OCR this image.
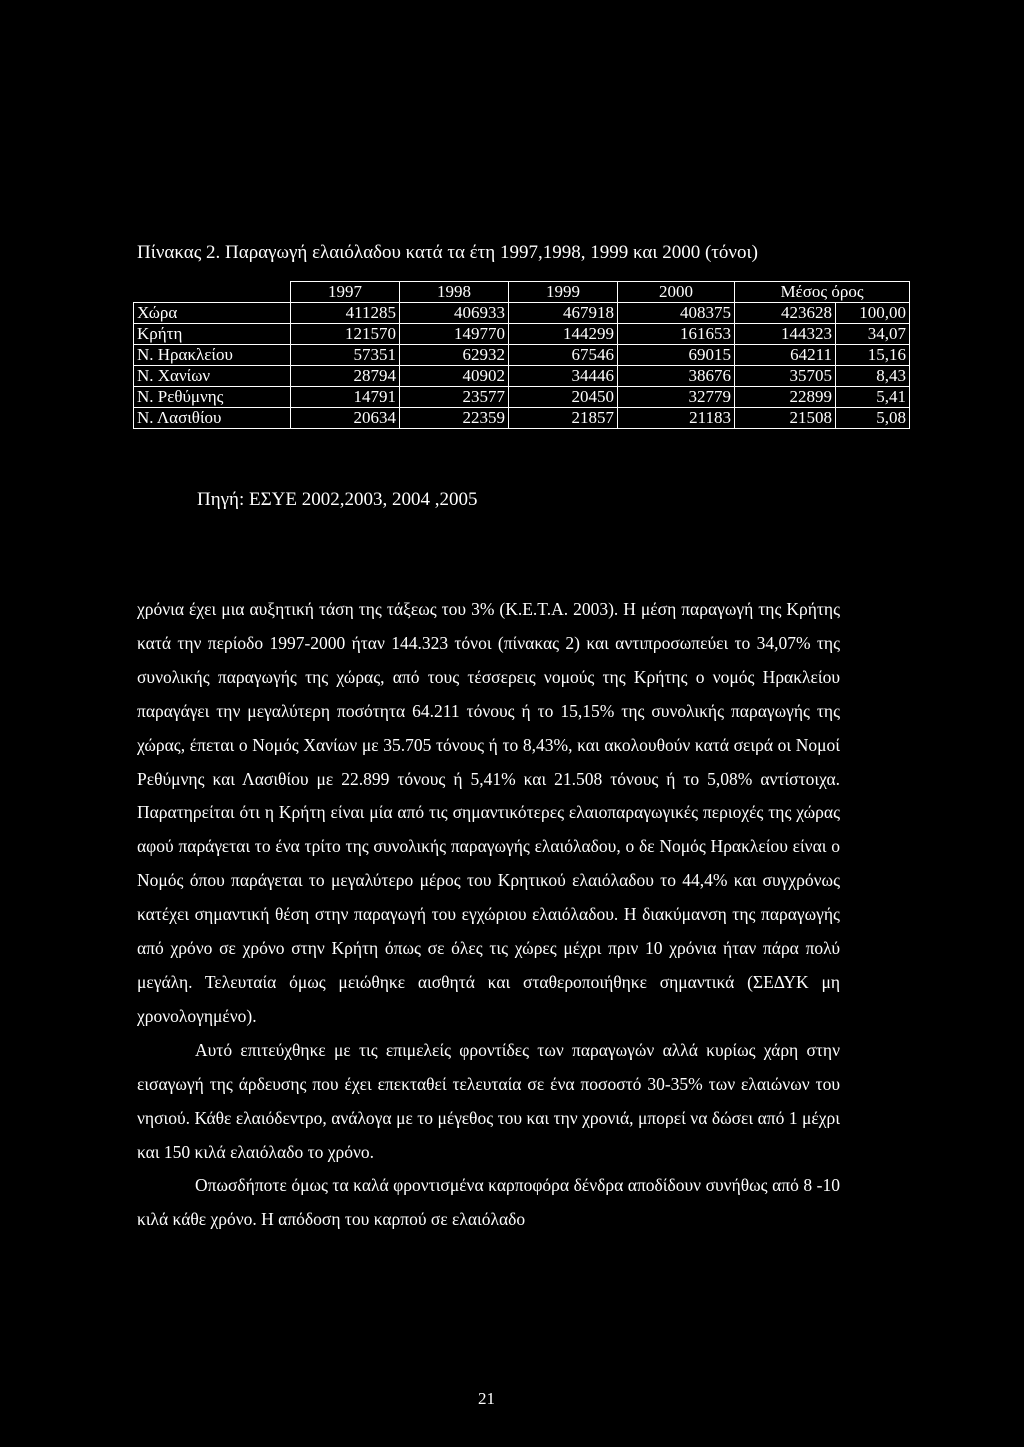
Πίνακας 2. Παραγωγή ελαιόλαδου κατά τα έτη 1997,1998, 1999 και 2000 (τόνοι)
	1997	1998	1999	2000	Μέσος όρος	
Χώρα	411285	406933	467918	408375	423628	100,00
Κρήτη	121570	149770	144299	161653	144323	34,07
Ν. Ηρακλείου	57351	62932	67546	69015	64211	15,16
Ν. Χανίων	28794	40902	34446	38676	35705	8,43
Ν. Ρεθύμνης	14791	23577	20450	32779	22899	5,41
Ν. Λασιθίου	20634	22359	21857	21183	21508	5,08
Πηγή: ΕΣΥΕ 2002,2003, 2004 ,2005

χρόνια έχει μια αυξητική τάση της τάξεως του 3% (Κ.Ε.Τ.Α. 2003). Η μέση παραγωγή της Κρήτης κατά την περίοδο 1997-2000 ήταν 144.323 τόνοι (πίνακας 2) και αντιπροσωπεύει το 34,07% της συνολικής παραγωγής της χώρας, από τους τέσσερεις νομούς της Κρήτης ο νομός Ηρακλείου παραγάγει την μεγαλύτερη ποσότητα 64.211 τόνους ή το 15,15% της συνολικής παραγωγής της χώρας, έπεται ο Νομός Χανίων με 35.705 τόνους ή το 8,43%, και ακολουθούν κατά σειρά οι Νομοί Ρεθύμνης και Λασιθίου με 22.899 τόνους ή 5,41% και 21.508 τόνους ή το 5,08% αντίστοιχα. Παρατηρείται ότι η Κρήτη είναι μία από τις σημαντικότερες ελαιοπαραγωγικές περιοχές της χώρας αφού παράγεται το ένα τρίτο της συνολικής παραγωγής ελαιόλαδου, ο δε Νομός Ηρακλείου είναι ο Νομός όπου παράγεται το μεγαλύτερο μέρος του Κρητικού ελαιόλαδου το 44,4% και συγχρόνως κατέχει σημαντική θέση στην παραγωγή του εγχώριου ελαιόλαδου. Η διακύμανση της παραγωγής από χρόνο σε χρόνο στην Κρήτη όπως σε όλες τις χώρες μέχρι πριν 10 χρόνια ήταν πάρα πολύ μεγάλη. Τελευταία όμως μειώθηκε αισθητά και σταθεροποιήθηκε σημαντικά (ΣΕΔΥΚ μη χρονολογημένο).

Αυτό επιτεύχθηκε με τις επιμελείς φροντίδες των παραγωγών αλλά κυρίως χάρη στην εισαγωγή της άρδευσης που έχει επεκταθεί τελευταία σε ένα ποσοστό 30-35% των ελαιώνων του νησιού. Κάθε ελαιόδεντρο, ανάλογα με το μέγεθος του και την χρονιά, μπορεί να δώσει από 1 μέχρι και 150 κιλά ελαιόλαδο το χρόνο.

Οπωσδήποτε όμως τα καλά φροντισμένα καρποφόρα δένδρα αποδίδουν συνήθως από 8 -10 κιλά κάθε χρόνο. Η απόδοση του καρπού σε ελαιόλαδο

21
